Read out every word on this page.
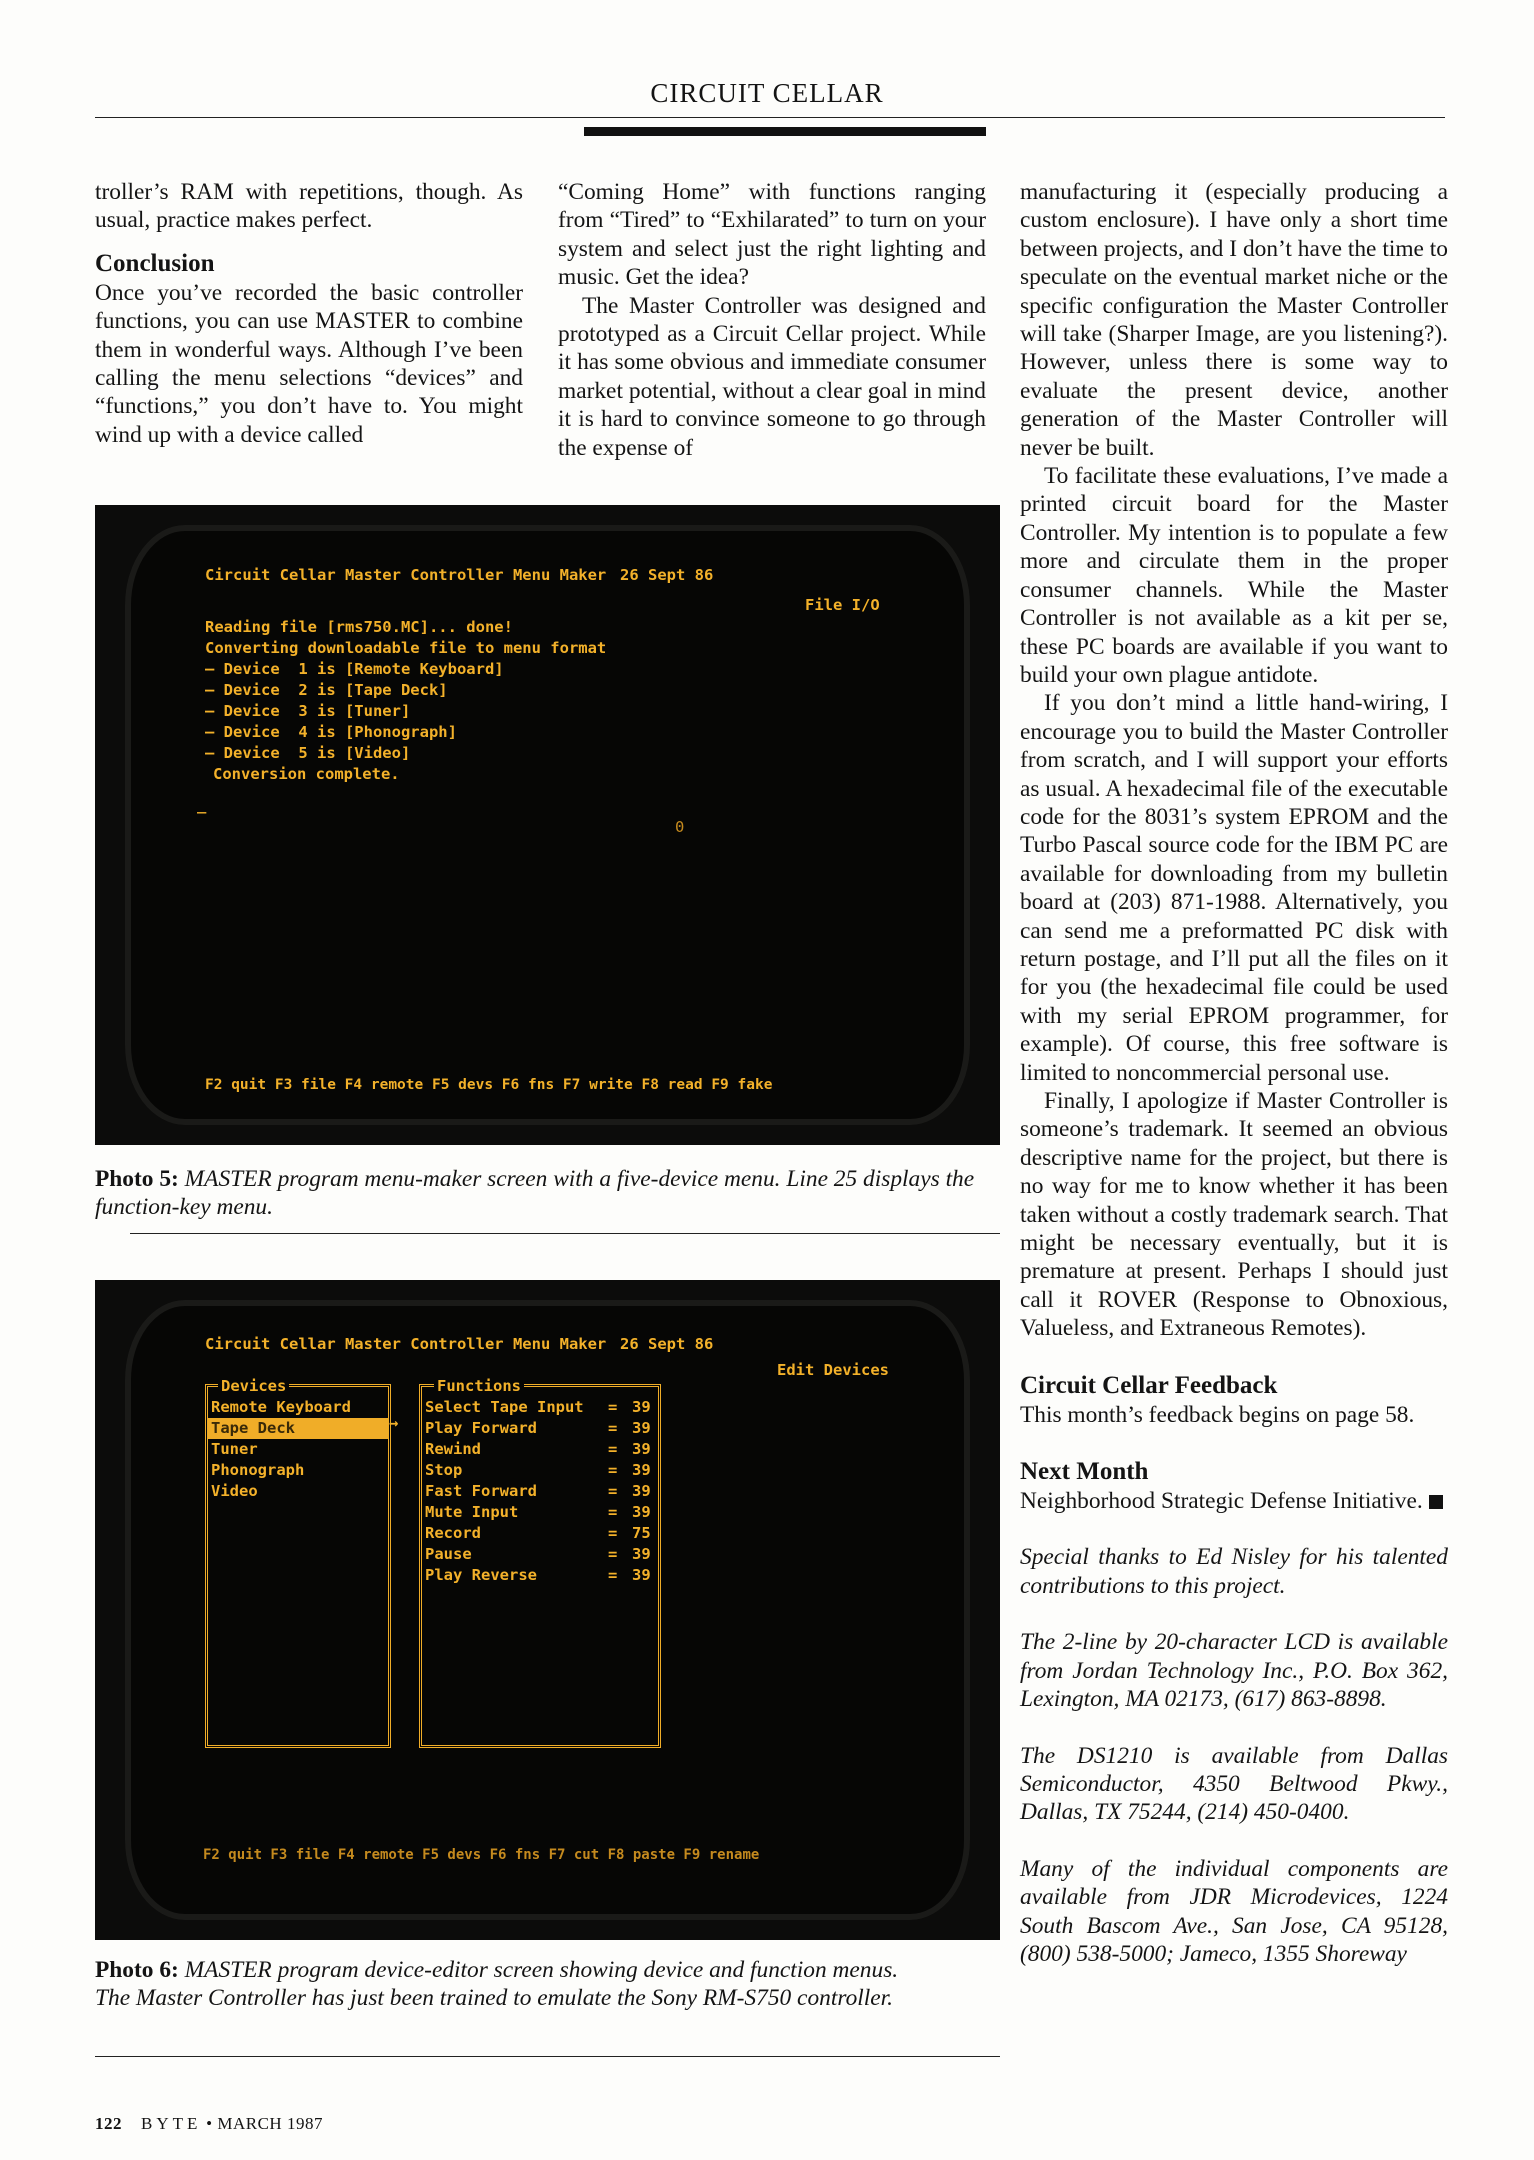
CIRCUIT CELLAR

troller’s RAM with repetitions, though. As usual, practice makes perfect.

Conclusion

Once you’ve recorded the basic controller functions, you can use MASTER to combine them in wonderful ways. Although I’ve been calling the menu selections “devices” and “functions,” you don’t have to. You might wind up with a device called

“Coming Home” with functions ranging from “Tired” to “Exhilarated” to turn on your system and select just the right lighting and music. Get the idea?

The Master Controller was designed and prototyped as a Circuit Cellar project. While it has some obvious and immediate consumer market potential, without a clear goal in mind it is hard to convince someone to go through the expense of

manufacturing it (especially producing a custom enclosure). I have only a short time between projects, and I don’t have the time to speculate on the eventual market niche or the specific configuration the Master Controller will take (Sharper Image, are you listening?). However, unless there is some way to evaluate the present device, another generation of the Master Controller will never be built.

To facilitate these evaluations, I’ve made a printed circuit board for the Master Controller. My intention is to populate a few more and circulate them in the proper consumer channels. While the Master Controller is not available as a kit per se, these PC boards are available if you want to build your own plague antidote.

If you don’t mind a little hand-wiring, I encourage you to build the Master Controller from scratch, and I will support your efforts as usual. A hexadecimal file of the executable code for the 8031’s system EPROM and the Turbo Pascal source code for the IBM PC are available for downloading from my bulletin board at (203) 871-1988. Alternatively, you can send me a preformatted PC disk with return postage, and I’ll put all the files on it for you (the hexadecimal file could be used with my serial EPROM programmer, for example). Of course, this free software is limited to noncommercial personal use.

Finally, I apologize if Master Controller is someone’s trademark. It seemed an obvious descriptive name for the project, but there is no way for me to know whether it has been taken without a costly trademark search. That might be necessary eventually, but it is premature at present. Perhaps I should just call it ROVER (Response to Obnoxious, Valueless, and Extraneous Remotes).

Circuit Cellar Feedback

This month’s feedback begins on page 58.

Next Month

Neighborhood Strategic Defense Initiative.

Special thanks to Ed Nisley for his talented contributions to this project.

The 2-line by 20-character LCD is available from Jordan Technology Inc., P.O. Box 362, Lexington, MA 02173, (617) 863-8898.

The DS1210 is available from Dallas Semiconductor, 4350 Beltwood Pkwy., Dallas, TX 75244, (214) 450-0400.

Many of the individual components are available from JDR Microdevices, 1224 South Bascom Ave., San Jose, CA 95128, (800) 538-5000; Jameco, 1355 Shoreway

Circuit Cellar Master Controller Menu Maker 26 Sept 86
File I/O
Reading file [rms750.MC]... done!
Converting downloadable file to menu format
— Device  1 is [Remote Keyboard]
— Device  2 is [Tape Deck]
— Device  3 is [Tuner]
— Device  4 is [Phonograph]
— Device  5 is [Video]
Conversion complete.
_
0
F2 quit F3 file F4 remote F5 devs F6 fns F7 write F8 read F9 fake
Photo 5: MASTER program menu-maker screen with a five-device menu. Line 25 displays the function-key menu.
Circuit Cellar Master Controller Menu Maker 26 Sept 86
Edit Devices
Devices
Remote Keyboard
Tape Deck
Tuner
Phonograph
Video
→
Functions
Select Tape Input
Play Forward
Rewind
Stop
Fast Forward
Mute Input
Record
Pause
Play Reverse
=
=
=
=
=
=
=
=
=
39
39
39
39
39
39
75
39
39
F2 quit F3 file F4 remote F5 devs F6 fns F7 cut F8 paste F9 rename
Photo 6: MASTER program device-editor screen showing device and function menus. The Master Controller has just been trained to emulate the Sony RM-S750 controller.
122 BYTE • MARCH 1987
